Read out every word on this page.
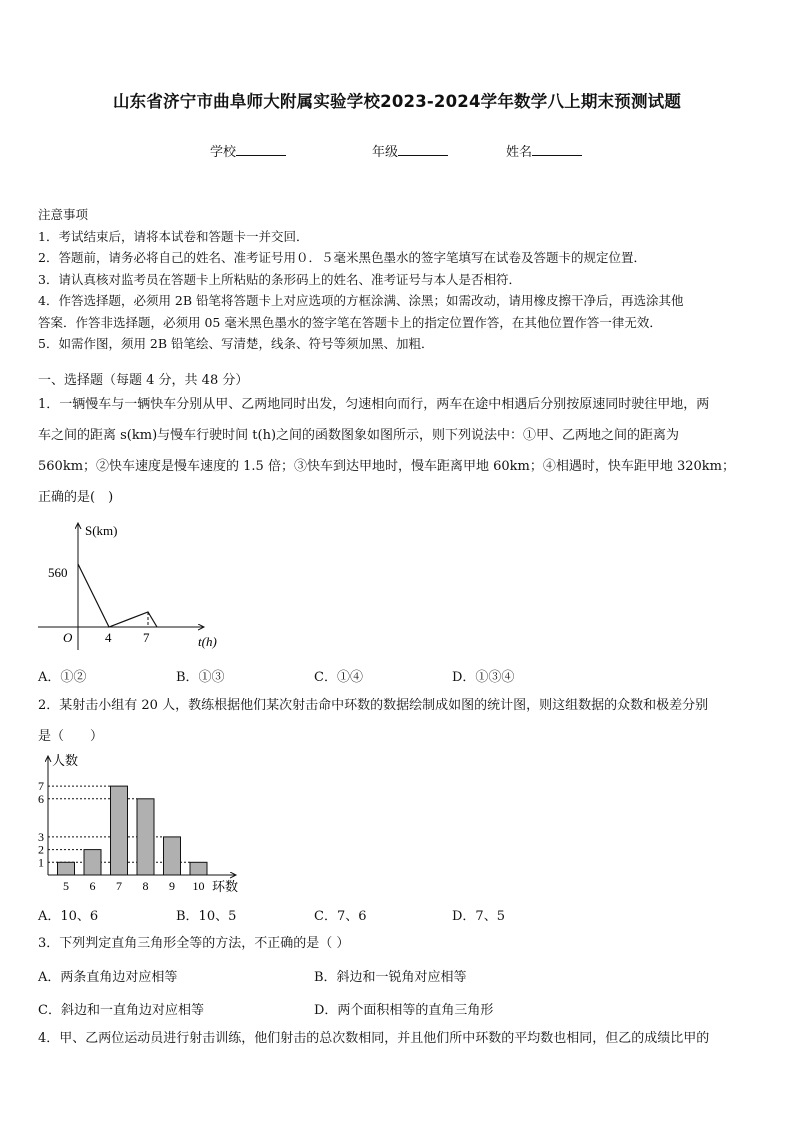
山东省济宁市曲阜师大附属实验学校2023-2024学年数学八上期末预测试题
学校	年级	姓名
注意事项
1．考试结束后，请将本试卷和答题卡一并交回．
2．答题前，请务必将自己的姓名、准考证号用０．５毫米黑色墨水的签字笔填写在试卷及答题卡的规定位置．
3．请认真核对监考员在答题卡上所粘贴的条形码上的姓名、准考证号与本人是否相符．
4．作答选择题，必须用 2B 铅笔将答题卡上对应选项的方框涂满、涂黑；如需改动，请用橡皮擦干净后，再选涂其他
答案．作答非选择题，必须用 05 毫米黑色墨水的签字笔在答题卡上的指定位置作答，在其他位置作答一律无效．
5．如需作图，须用 2B 铅笔绘、写清楚，线条、符号等须加黑、加粗．
一、选择题（每题 4 分，共 48 分）
1．一辆慢车与一辆快车分别从甲、乙两地同时出发，匀速相向而行，两车在途中相遇后分别按原速同时驶往甲地，两
车之间的距离 s(km)与慢车行驶时间 t(h)之间的函数图象如图所示，则下列说法中：①甲、乙两地之间的距离为
560km；②快车速度是慢车速度的 1.5 倍；③快车到达甲地时，慢车距离甲地 60km；④相遇时，快车距甲地 320km；
正确的是(　)
S(km)
560
O	4 7	t(h)
A．①②	B．①③	C．①④	D．①③④
2．某射击小组有 20 人，教练根据他们某次射击命中环数的数据绘制成如图的统计图，则这组数据的众数和极差分别
是（　　）
人数
环数
5 6 7 8 9 10
1
2
3
6
7
A．10、6	B．10、5	C．7、6	D．7、5
3．下列判定直角三角形全等的方法，不正确的是（ ）
A．两条直角边对应相等	B．斜边和一锐角对应相等
C．斜边和一直角边对应相等	D．两个面积相等的直角三角形
4．甲、乙两位运动员进行射击训练，他们射击的总次数相同，并且他们所中环数的平均数也相同，但乙的成绩比甲的
